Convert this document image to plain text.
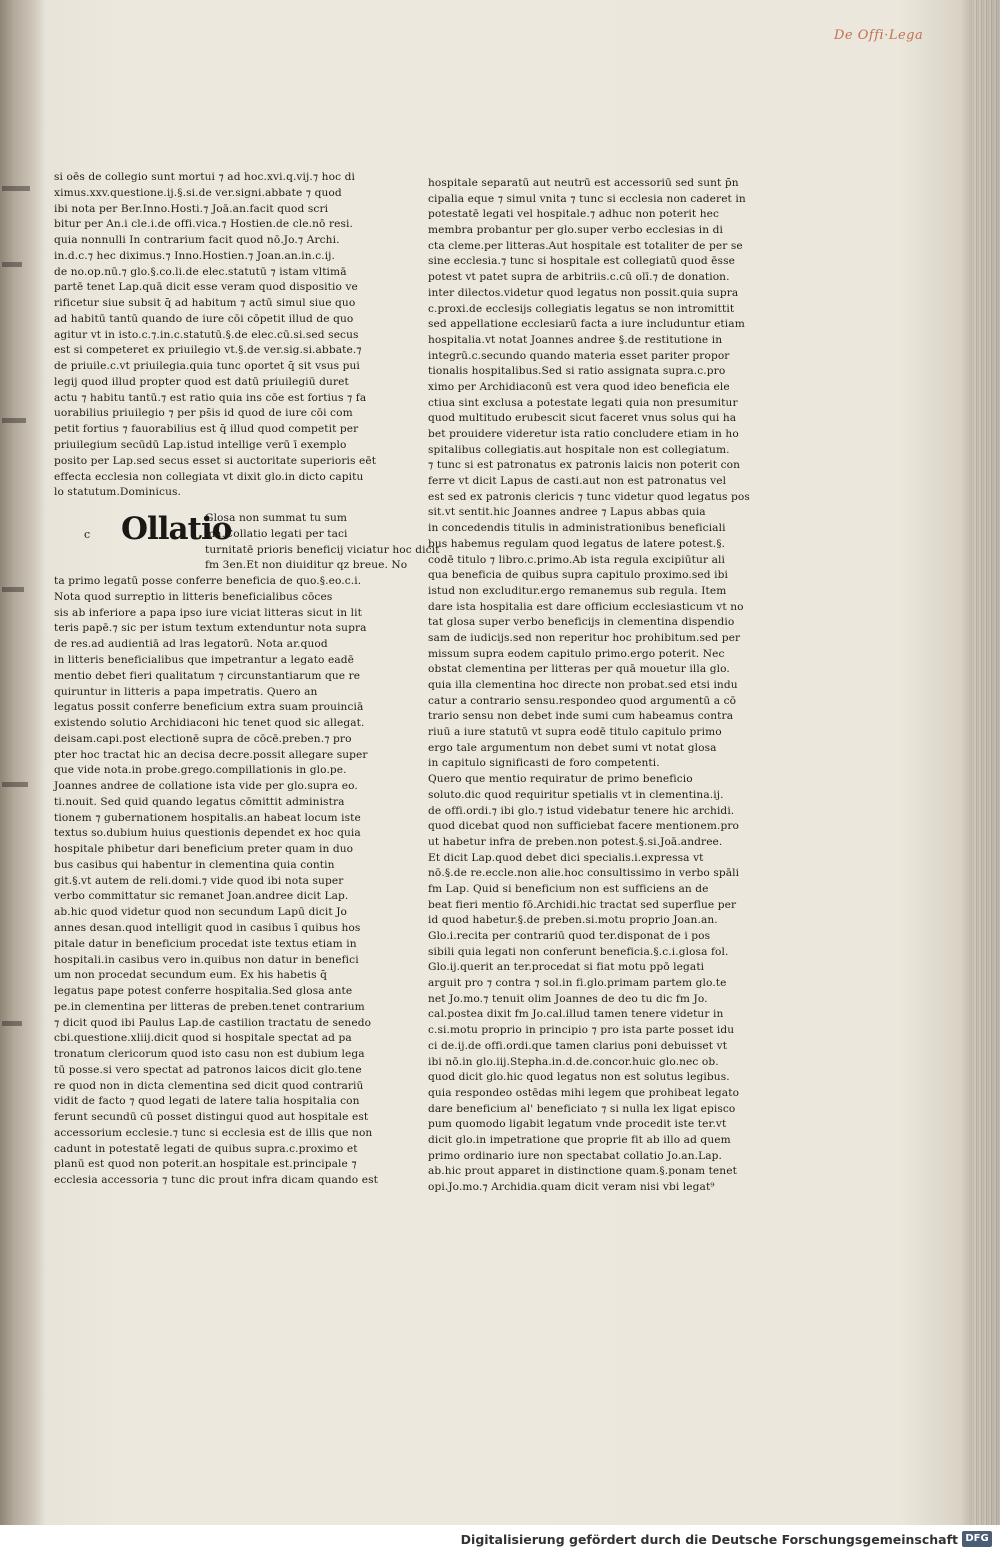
De Offi·Lega
si oēs de collegio sunt mortui ⁊ ad hoc.xvi.q.vij.⁊ hoc di
ximus.xxv.questione.ij.§.si.de ver.signi.abbate ⁊ quod
ibi nota per Ber.Inno.Hosti.⁊ Joā.an.facit quod scri
bitur per An.i cle.i.de offi.vica.⁊ Hostien.de cle.nō resi.
quia nonnulli In contrarium facit quod nō.Jo.⁊ Archi.
in.d.c.⁊ hec diximus.⁊ Inno.Hostien.⁊ Joan.an.in.c.ij.
de no.op.nū.⁊ glo.§.co.li.de elec.statutū ⁊ istam vltimā
partē tenet Lap.quā dicit esse veram quod dispositio ve
rificetur siue subsit q̄ ad habitum ⁊ actū simul siue quo
ad habitū tantū quando de iure cōi cōpetit illud de quo
agitur vt in isto.c.⁊.in.c.statutū.§.de elec.cū.si.sed secus
est si competeret ex priuilegio vt.§.de ver.sig.si.abbate.⁊
de priuile.c.vt priuilegia.quia tunc oportet q̄ sit vsus pui
legij quod illud propter quod est datū priuilegiū duret
actu ⁊ habitu tantū.⁊ est ratio quia ins cōe est fortius ⁊ fa
uorabilius priuilegio ⁊ per ps̄is id quod de iure cōi com
petit fortius ⁊ fauorabilius est q̄ illud quod competit per
priuilegium secūdū Lap.istud intellige verū ī exemplo
posito per Lap.sed secus esset si auctoritate superioris eēt
effecta ecclesia non collegiata vt dixit glo.in dicto capitu
lo statutum.Dominicus.
c Ollatio
Glosa non summat tu sum
ma.Collatio legati per taci
turnitatē prioris beneficij viciatur hoc dicit
fm 3en.Et non diuiditur qz breue. No
ta primo legatū posse conferre beneficia de quo.§.eo.c.i.
Nota quod surreptio in litteris beneficialibus cōces
sis ab inferiore a papa ipso iure viciat litteras sicut in lit
teris papē.⁊ sic per istum textum extenduntur nota supra
de res.ad audientiā ad lras legatorū. Nota ar.quod
in litteris beneficialibus que impetrantur a legato eadē
mentio debet fieri qualitatum ⁊ circunstantiarum que re
quiruntur in litteris a papa impetratis. Quero an
legatus possit conferre beneficium extra suam prouinciā
existendo solutio Archidiaconi hic tenet quod sic allegat.
deisam.capi.post electionē supra de cōcē.preben.⁊ pro
pter hoc tractat hic an decisa decre.possit allegare super
que vide nota.in probe.grego.compillationis in glo.pe.
Joannes andree de collatione ista vide per glo.supra eo.
ti.nouit. Sed quid quando legatus cōmittit administra
tionem ⁊ gubernationem hospitalis.an habeat locum iste
textus so.dubium huius questionis dependet ex hoc quia
hospitale phibetur dari beneficium preter quam in duo
bus casibus qui habentur in clementina quia contin
git.§.vt autem de reli.domi.⁊ vide quod ibi nota super
verbo committatur sic remanet Joan.andree dicit Lap.
ab.hic quod videtur quod non secundum Lapū dicit Jo
annes desan.quod intelligit quod in casibus ī quibus hos
pitale datur in beneficium procedat iste textus etiam in
hospitali.in casibus vero in.quibus non datur in benefici
um non procedat secundum eum. Ex his habetis q̄
legatus pape potest conferre hospitalia.Sed glosa ante
pe.in clementina per litteras de preben.tenet contrarium
⁊ dicit quod ibi Paulus Lap.de castilion tractatu de senedo
cbi.questione.xliij.dicit quod si hospitale spectat ad pa
tronatum clericorum quod isto casu non est dubium lega
tū posse.si vero spectat ad patronos laicos dicit glo.tene
re quod non in dicta clementina sed dicit quod contrariū
vidit de facto ⁊ quod legati de latere talia hospitalia con
ferunt secundū cū posset distingui quod aut hospitale est
accessorium ecclesie.⁊ tunc si ecclesia est de illis que non
cadunt in potestatē legati de quibus supra.c.proximo et
planū est quod non poterit.an hospitale est.principale ⁊
ecclesia accessoria ⁊ tunc dic prout infra dicam quando est
hospitale separatū aut neutrū est accessoriū sed sunt p̄n
cipalia eque ⁊ simul vnita ⁊ tunc si ecclesia non caderet in
potestatē legati vel hospitale.⁊ adhuc non poterit hec
membra probantur per glo.super verbo ecclesias in di
cta cleme.per litteras.Aut hospitale est totaliter de per se
sine ecclesia.⁊ tunc si hospitale est collegiatū quod ēsse
potest vt patet supra de arbitriis.c.cū olī.⁊ de donation.
inter dilectos.videtur quod legatus non possit.quia supra
c.proxi.de ecclesijs collegiatis legatus se non intromittit
sed appellatione ecclesiarū facta a iure includuntur etiam
hospitalia.vt notat Joannes andree §.de restitutione in
integrū.c.secundo quando materia esset pariter propor
tionalis hospitalibus.Sed si ratio assignata supra.c.pro
ximo per Archidiaconū est vera quod ideo beneficia ele
ctiua sint exclusa a potestate legati quia non presumitur
quod multitudo erubescit sicut faceret vnus solus qui ha
bet prouidere videretur ista ratio concludere etiam in ho
spitalibus collegiatis.aut hospitale non est collegiatum.
⁊ tunc si est patronatus ex patronis laicis non poterit con
ferre vt dicit Lapus de casti.aut non est patronatus vel
est sed ex patronis clericis ⁊ tunc videtur quod legatus pos
sit.vt sentit.hic Joannes andree ⁊ Lapus abbas quia
in concedendis titulis in administrationibus beneficiali
bus habemus regulam quod legatus de latere potest.§.
codē titulo ⁊ libro.c.primo.Ab ista regula excipiūtur ali
qua beneficia de quibus supra capitulo proximo.sed ibi
istud non excluditur.ergo remanemus sub regula. Item
dare ista hospitalia est dare officium ecclesiasticum vt no
tat glosa super verbo beneficijs in clementina dispendio
sam de iudicijs.sed non reperitur hoc prohibitum.sed per
missum supra eodem capitulo primo.ergo poterit. Nec
obstat clementina per litteras per quā mouetur illa glo.
quia illa clementina hoc directe non probat.sed etsi indu
catur a contrario sensu.respondeo quod argumentū a cō
trario sensu non debet inde sumi cum habeamus contra
riuū a iure statutū vt supra eodē titulo capitulo primo
ergo tale argumentum non debet sumi vt notat glosa
in capitulo significasti de foro competenti.
Quero que mentio requiratur de primo beneficio
soluto.dic quod requiritur spetialis vt in clementina.ij.
de offi.ordi.⁊ ibi glo.⁊ istud videbatur tenere hic archidi.
quod dicebat quod non sufficiebat facere mentionem.pro
ut habetur infra de preben.non potest.§.si.Joā.andree.
Et dicit Lap.quod debet dici specialis.i.expressa vt
nō.§.de re.eccle.non alie.hoc consultissimo in verbo spāli
fm Lap. Quid si beneficium non est sufficiens an de
beat fieri mentio fō.Archidi.hic tractat sed superflue per
id quod habetur.§.de preben.si.motu proprio Joan.an.
Glo.i.recita per contrariū quod ter.disponat de i pos
sibili quia legati non conferunt beneficia.§.c.i.glosa fol.
Glo.ij.querit an ter.procedat si fiat motu ppō legati
arguit pro ⁊ contra ⁊ sol.in fi.glo.primam partem glo.te
net Jo.mo.⁊ tenuit olim Joannes de deo tu dic fm Jo.
cal.postea dixit fm Jo.cal.illud tamen tenere videtur in
c.si.motu proprio in principio ⁊ pro ista parte posset idu
ci de.ij.de offi.ordi.que tamen clarius poni debuisset vt
ibi nō.in glo.iij.Stepha.in.d.de.concor.huic glo.nec ob.
quod dicit glo.hic quod legatus non est solutus legibus.
quia respondeo ostēdas mihi legem que prohibeat legato
dare beneficium al' beneficiato ⁊ si nulla lex ligat episco
pum quomodo ligabit legatum vnde procedit iste ter.vt
dicit glo.in impetratione que proprie fit ab illo ad quem
primo ordinario iure non spectabat collatio Jo.an.Lap.
ab.hic prout apparet in distinctione quam.§.ponam tenet
opi.Jo.mo.⁊ Archidia.quam dicit veram nisi vbi legat⁹
Digitalisierung gefördert durch die Deutsche Forschungsgemeinschaft DFG
